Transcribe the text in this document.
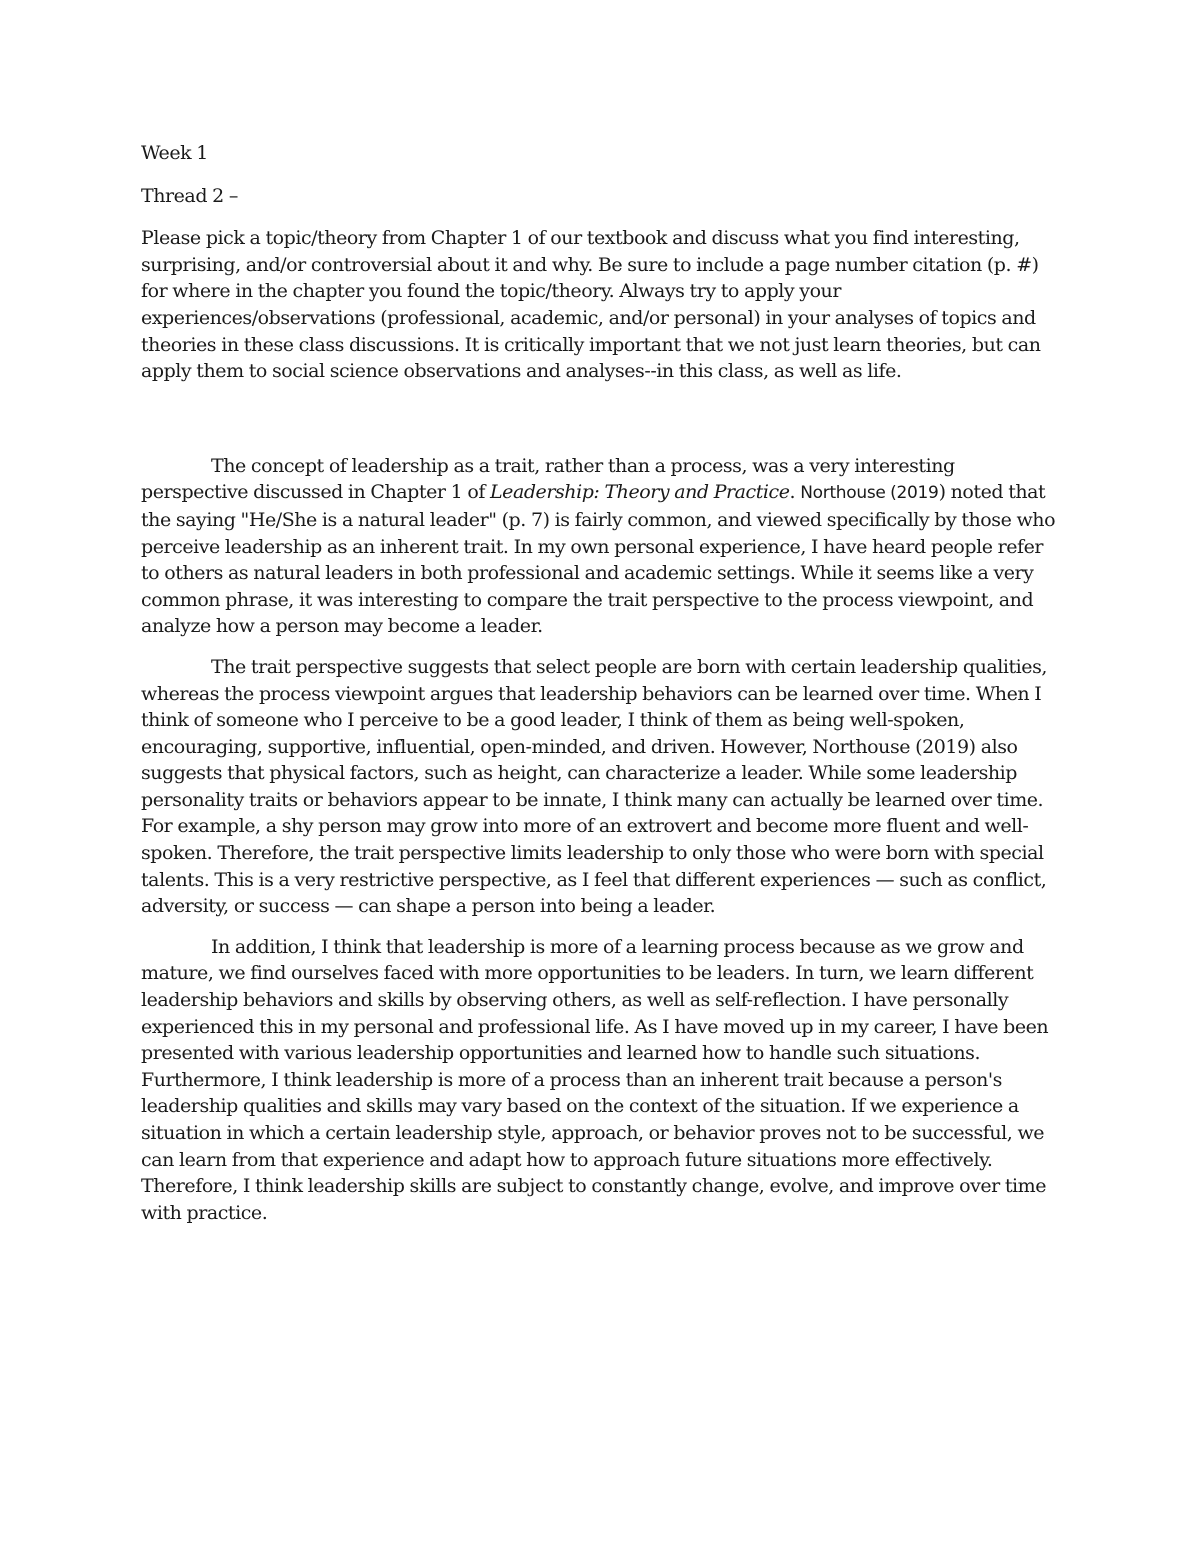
Week 1
Thread 2 –
Please pick a topic/theory from Chapter 1 of our textbook and discuss what you find interesting, surprising, and/or controversial about it and why. Be sure to include a page number citation (p. #) for where in the chapter you found the topic/theory. Always try to apply your experiences/observations (professional, academic, and/or personal) in your analyses of topics and theories in these class discussions. It is critically important that we not just learn theories, but can apply them to social science observations and analyses--in this class, as well as life.

The concept of leadership as a trait, rather than a process, was a very interesting perspective discussed in Chapter 1 of Leadership: Theory and Practice. Northouse (2019) noted that the saying "He/She is a natural leader" (p. 7) is fairly common, and viewed specifically by those who perceive leadership as an inherent trait. In my own personal experience, I have heard people refer to others as natural leaders in both professional and academic settings. While it seems like a very common phrase, it was interesting to compare the trait perspective to the process viewpoint, and analyze how a person may become a leader.

The trait perspective suggests that select people are born with certain leadership qualities, whereas the process viewpoint argues that leadership behaviors can be learned over time. When I think of someone who I perceive to be a good leader, I think of them as being well-spoken, encouraging, supportive, influential, open-minded, and driven. However, Northouse (2019) also suggests that physical factors, such as height, can characterize a leader. While some leadership personality traits or behaviors appear to be innate, I think many can actually be learned over time. For example, a shy person may grow into more of an extrovert and become more fluent and well-spoken. Therefore, the trait perspective limits leadership to only those who were born with special talents. This is a very restrictive perspective, as I feel that different experiences — such as conflict, adversity, or success — can shape a person into being a leader.

In addition, I think that leadership is more of a learning process because as we grow and mature, we find ourselves faced with more opportunities to be leaders. In turn, we learn different leadership behaviors and skills by observing others, as well as self-reflection. I have personally experienced this in my personal and professional life. As I have moved up in my career, I have been presented with various leadership opportunities and learned how to handle such situations. Furthermore, I think leadership is more of a process than an inherent trait because a person's leadership qualities and skills may vary based on the context of the situation. If we experience a situation in which a certain leadership style, approach, or behavior proves not to be successful, we can learn from that experience and adapt how to approach future situations more effectively. Therefore, I think leadership skills are subject to constantly change, evolve, and improve over time with practice.
